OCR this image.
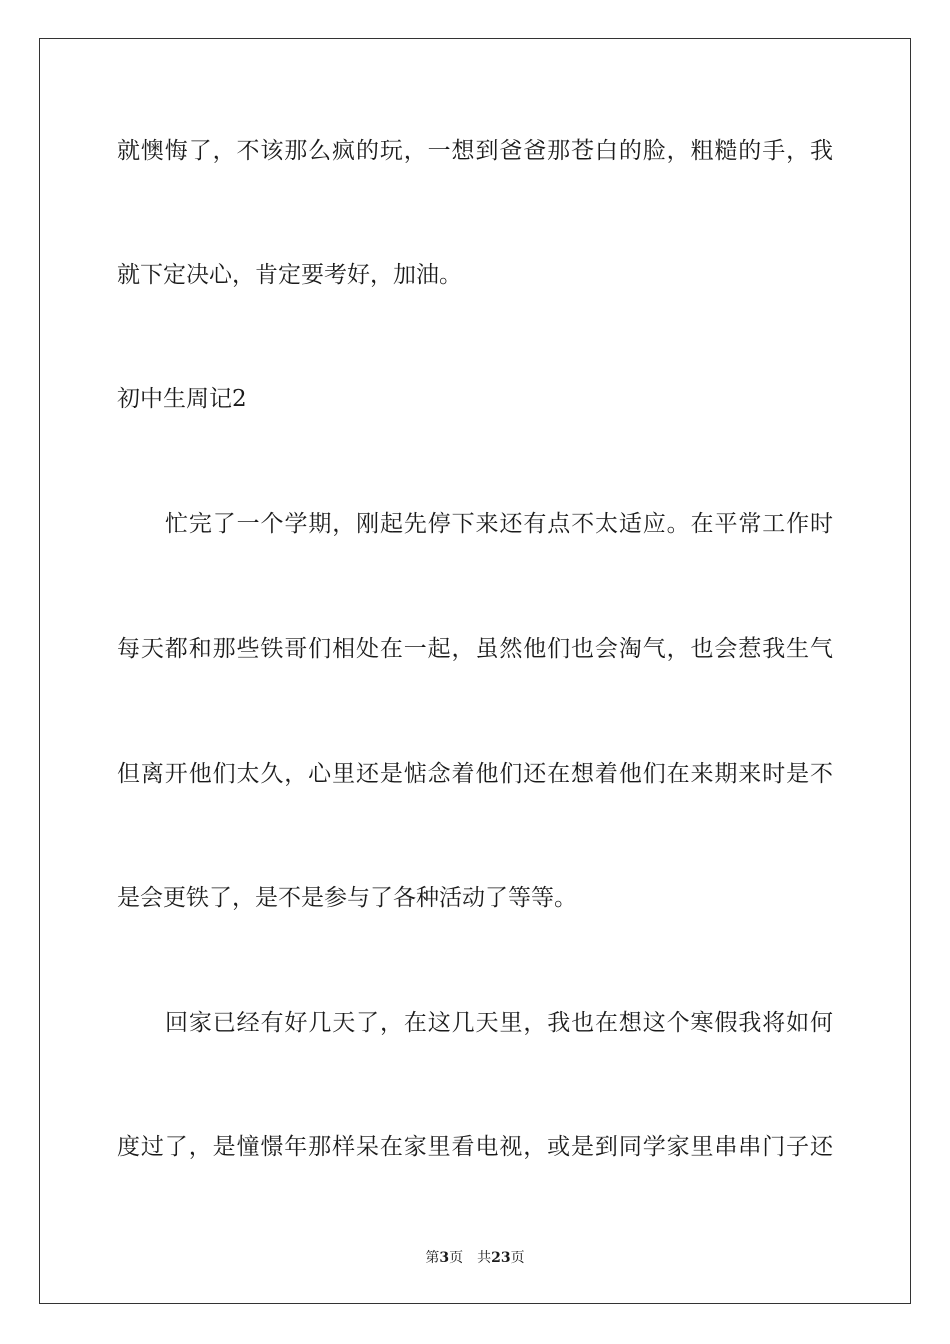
就懊悔了，不该那么疯的玩，一想到爸爸那苍白的脸，粗糙的手，我
就下定决心，肯定要考好，加油。
初中生周记2
忙完了一个学期，刚起先停下来还有点不太适应。在平常工作时
每天都和那些铁哥们相处在一起，虽然他们也会淘气，也会惹我生气
但离开他们太久，心里还是惦念着他们还在想着他们在来期来时是不
是会更铁了，是不是参与了各种活动了等等。
回家已经有好几天了，在这几天里，我也在想这个寒假我将如何
度过了，是憧憬年那样呆在家里看电视，或是到同学家里串串门子还
第3页 共23页
